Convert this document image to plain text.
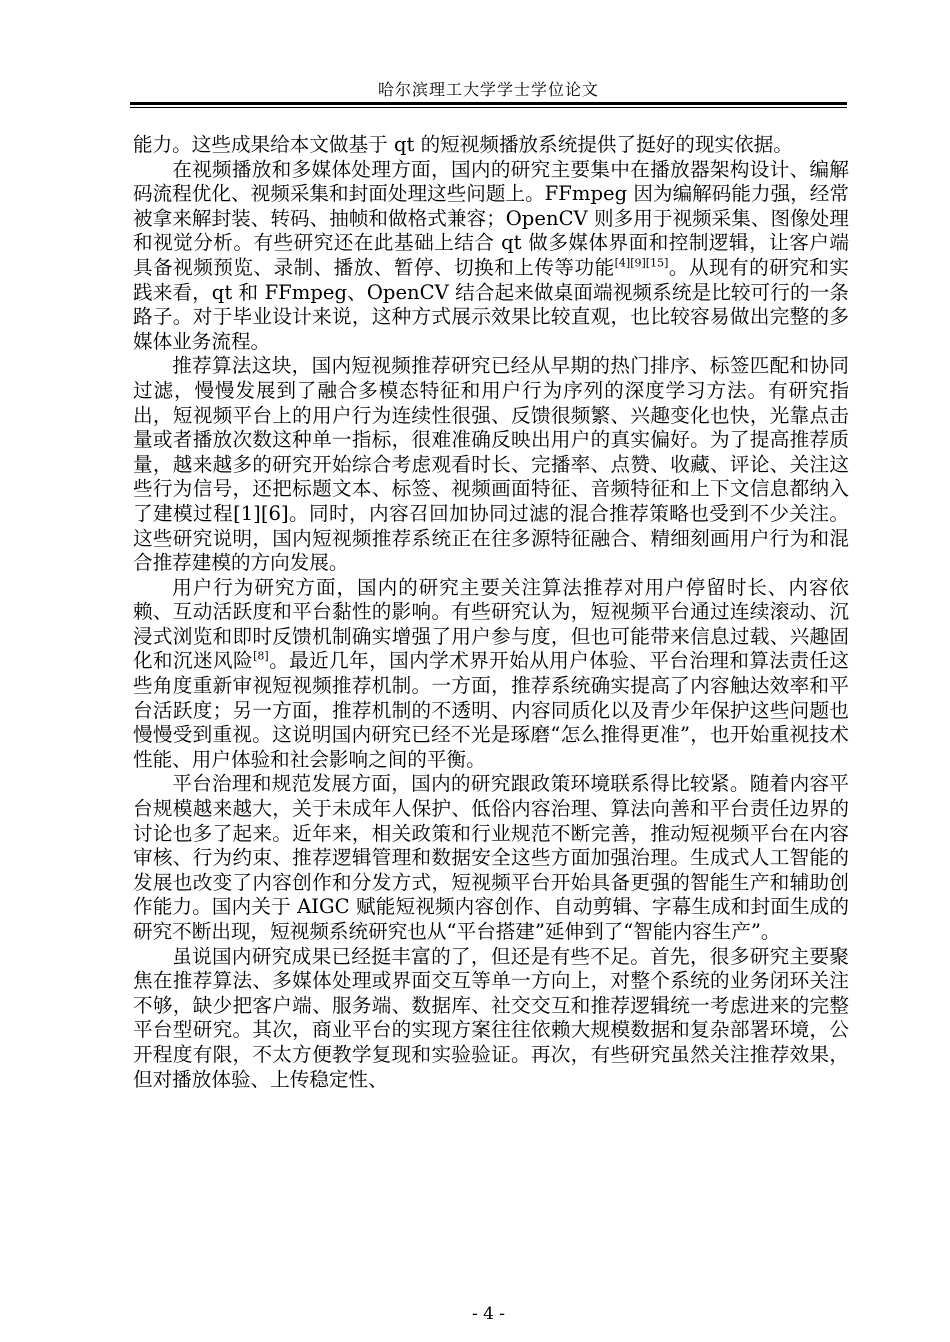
哈尔滨理工大学学士学位论文

能力。这些成果给本文做基于 qt 的短视频播放系统提供了挺好的现实依据。

在视频播放和多媒体处理方面，国内的研究主要集中在播放器架构设计、编解码流程优化、视频采集和封面处理这些问题上。FFmpeg 因为编解码能力强，经常被拿来解封装、转码、抽帧和做格式兼容；OpenCV 则多用于视频采集、图像处理和视觉分析。有些研究还在此基础上结合 qt 做多媒体界面和控制逻辑，让客户端具备视频预览、录制、播放、暂停、切换和上传等功能[4][9][15]。从现有的研究和实践来看，qt 和 FFmpeg、OpenCV 结合起来做桌面端视频系统是比较可行的一条路子。对于毕业设计来说，这种方式展示效果比较直观，也比较容易做出完整的多媒体业务流程。

推荐算法这块，国内短视频推荐研究已经从早期的热门排序、标签匹配和协同过滤，慢慢发展到了融合多模态特征和用户行为序列的深度学习方法。有研究指出，短视频平台上的用户行为连续性很强、反馈很频繁、兴趣变化也快，光靠点击量或者播放次数这种单一指标，很难准确反映出用户的真实偏好。为了提高推荐质量，越来越多的研究开始综合考虑观看时长、完播率、点赞、收藏、评论、关注这些行为信号，还把标题文本、标签、视频画面特征、音频特征和上下文信息都纳入了建模过程[1][6]。同时，内容召回加协同过滤的混合推荐策略也受到不少关注。这些研究说明，国内短视频推荐系统正在往多源特征融合、精细刻画用户行为和混合推荐建模的方向发展。

用户行为研究方面，国内的研究主要关注算法推荐对用户停留时长、内容依赖、互动活跃度和平台黏性的影响。有些研究认为，短视频平台通过连续滚动、沉浸式浏览和即时反馈机制确实增强了用户参与度，但也可能带来信息过载、兴趣固化和沉迷风险[8]。最近几年，国内学术界开始从用户体验、平台治理和算法责任这些角度重新审视短视频推荐机制。一方面，推荐系统确实提高了内容触达效率和平台活跃度；另一方面，推荐机制的不透明、内容同质化以及青少年保护这些问题也慢慢受到重视。这说明国内研究已经不光是琢磨“怎么推得更准”，也开始重视技术性能、用户体验和社会影响之间的平衡。

平台治理和规范发展方面，国内的研究跟政策环境联系得比较紧。随着内容平台规模越来越大，关于未成年人保护、低俗内容治理、算法向善和平台责任边界的讨论也多了起来。近年来，相关政策和行业规范不断完善，推动短视频平台在内容审核、行为约束、推荐逻辑管理和数据安全这些方面加强治理。生成式人工智能的发展也改变了内容创作和分发方式，短视频平台开始具备更强的智能生产和辅助创作能力。国内关于 AIGC 赋能短视频内容创作、自动剪辑、字幕生成和封面生成的研究不断出现，短视频系统研究也从“平台搭建”延伸到了“智能内容生产”。

虽说国内研究成果已经挺丰富的了，但还是有些不足。首先，很多研究主要聚焦在推荐算法、多媒体处理或界面交互等单一方向上，对整个系统的业务闭环关注不够，缺少把客户端、服务端、数据库、社交交互和推荐逻辑统一考虑进来的完整平台型研究。其次，商业平台的实现方案往往依赖大规模数据和复杂部署环境，公开程度有限，不太方便教学复现和实验验证。再次，有些研究虽然关注推荐效果，但对播放体验、上传稳定性、

- 4 -
